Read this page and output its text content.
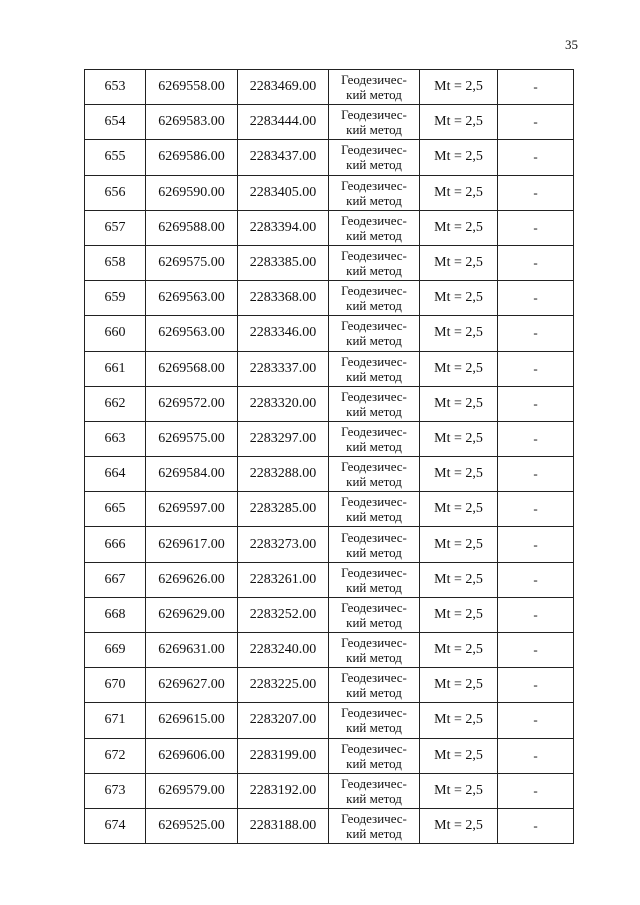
35
653	6269558.00	2283469.00	Геодезичес-
кий метод	Mt = 2,5	-
654	6269583.00	2283444.00	Геодезичес-
кий метод	Mt = 2,5	-
655	6269586.00	2283437.00	Геодезичес-
кий метод	Mt = 2,5	-
656	6269590.00	2283405.00	Геодезичес-
кий метод	Mt = 2,5	-
657	6269588.00	2283394.00	Геодезичес-
кий метод	Mt = 2,5	-
658	6269575.00	2283385.00	Геодезичес-
кий метод	Mt = 2,5	-
659	6269563.00	2283368.00	Геодезичес-
кий метод	Mt = 2,5	-
660	6269563.00	2283346.00	Геодезичес-
кий метод	Mt = 2,5	-
661	6269568.00	2283337.00	Геодезичес-
кий метод	Mt = 2,5	-
662	6269572.00	2283320.00	Геодезичес-
кий метод	Mt = 2,5	-
663	6269575.00	2283297.00	Геодезичес-
кий метод	Mt = 2,5	-
664	6269584.00	2283288.00	Геодезичес-
кий метод	Mt = 2,5	-
665	6269597.00	2283285.00	Геодезичес-
кий метод	Mt = 2,5	-
666	6269617.00	2283273.00	Геодезичес-
кий метод	Mt = 2,5	-
667	6269626.00	2283261.00	Геодезичес-
кий метод	Mt = 2,5	-
668	6269629.00	2283252.00	Геодезичес-
кий метод	Mt = 2,5	-
669	6269631.00	2283240.00	Геодезичес-
кий метод	Mt = 2,5	-
670	6269627.00	2283225.00	Геодезичес-
кий метод	Mt = 2,5	-
671	6269615.00	2283207.00	Геодезичес-
кий метод	Mt = 2,5	-
672	6269606.00	2283199.00	Геодезичес-
кий метод	Mt = 2,5	-
673	6269579.00	2283192.00	Геодезичес-
кий метод	Mt = 2,5	-
674	6269525.00	2283188.00	Геодезичес-
кий метод	Mt = 2,5	-
